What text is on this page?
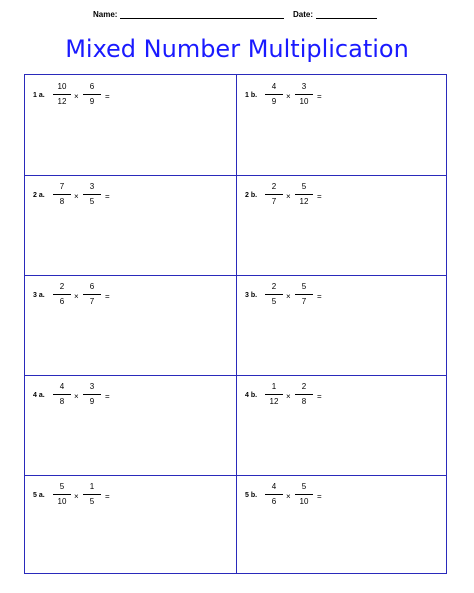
Name:	Date:
Mixed Number Multiplication
1 a.
10
12
×
6
9
=	1 b.
4
9
×
3
10
=
2 a.
7
8
×
3
5
=	2 b.
2
7
×
5
12
=
3 a.
2
6
×
6
7
=	3 b.
2
5
×
5
7
=
4 a.
4
8
×
3
9
=	4 b.
1
12
×
2
8
=
5 a.
5
10
×
1
5
=	5 b.
4
6
×
5
10
=
